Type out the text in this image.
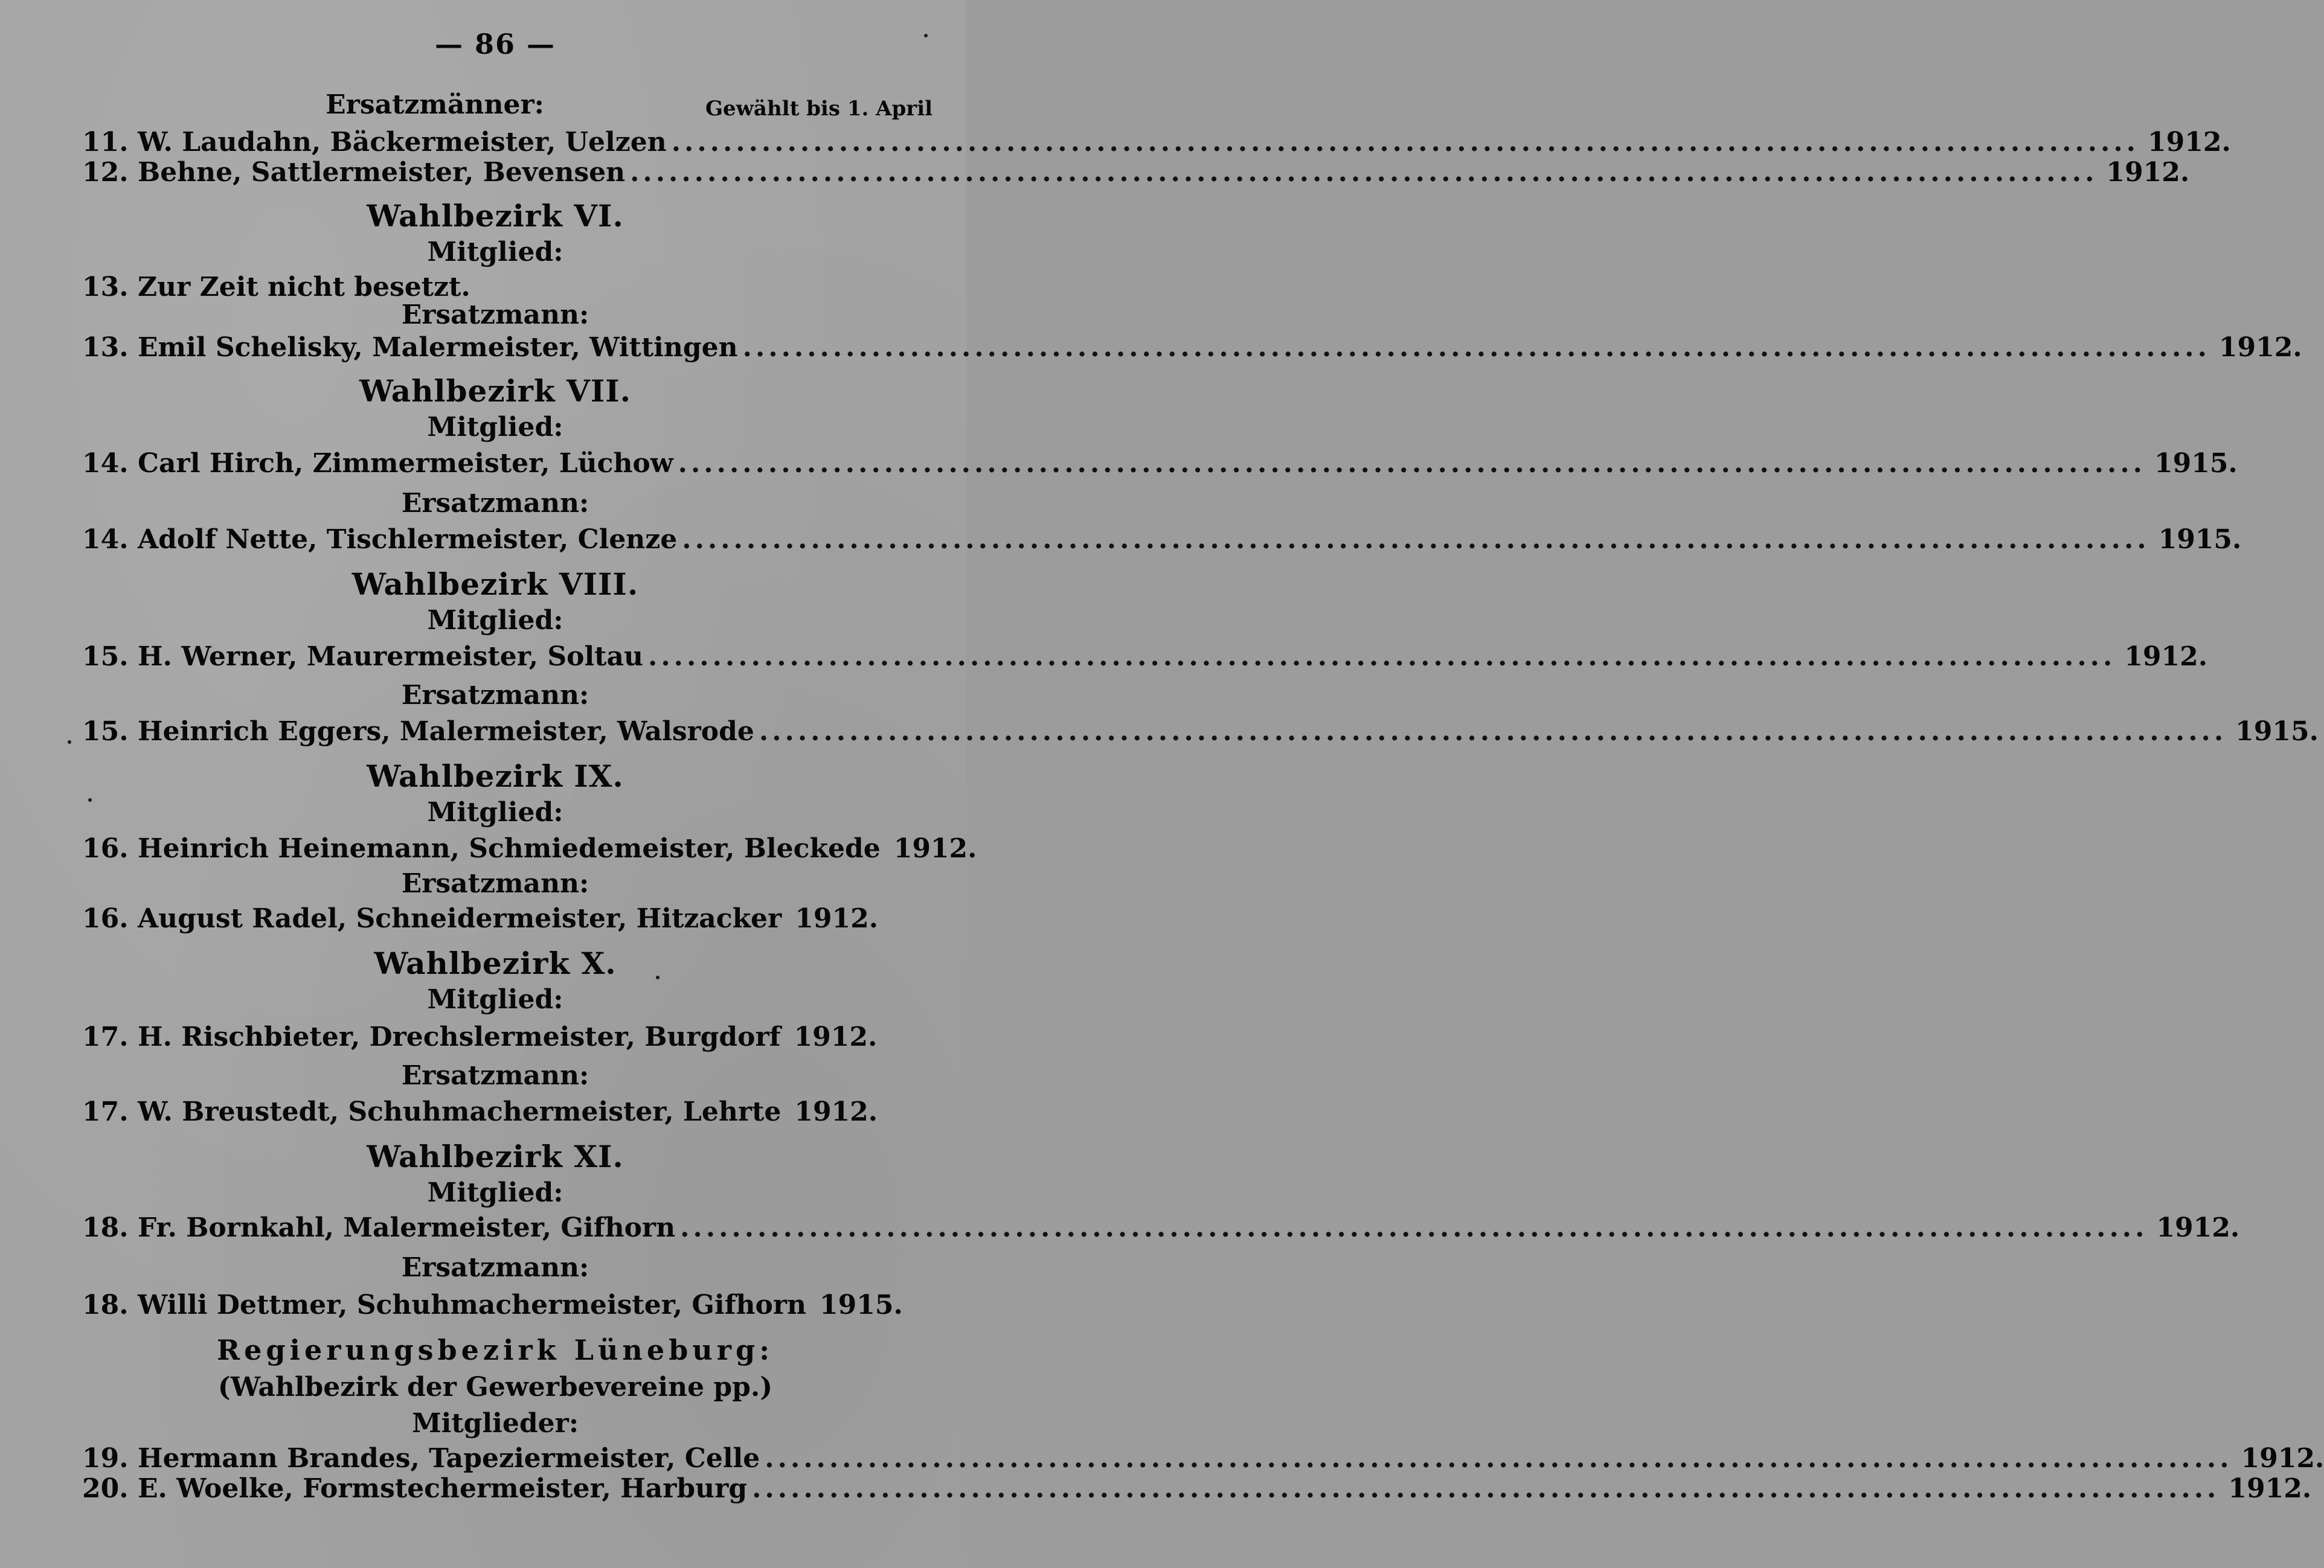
— 86 —
Ersatzmänner:	Gewählt bis 1. April
11. W. Laudahn, Bäckermeister, Uelzen .....	1912.
12. Behne, Sattlermeister, Bevensen .....	1912.
Wahlbezirk VI.
Mitglied:
13. Zur Zeit nicht besetzt.
Ersatzmann:
13. Emil Schelisky, Malermeister, Wittingen .....	1912.
Wahlbezirk VII.
Mitglied:
14. Carl Hirch, Zimmermeister, Lüchow .....	1915.
Ersatzmann:
14. Adolf Nette, Tischlermeister, Clenze .....	1915.
Wahlbezirk VIII.
Mitglied:
15. H. Werner, Maurermeister, Soltau .....	1912.
Ersatzmann:
15. Heinrich Eggers, Malermeister, Walsrode .....	1915.
Wahlbezirk IX.
Mitglied:
16. Heinrich Heinemann, Schmiedemeister, Bleckede 1912.
Ersatzmann:
16. August Radel, Schneidermeister, Hitzacker 1912.
Wahlbezirk X.
Mitglied:
17. H. Rischbieter, Drechslermeister, Burgdorf 1912.
Ersatzmann:
17. W. Breustedt, Schuhmachermeister, Lehrte 1912.
Wahlbezirk XI.
Mitglied:
18. Fr. Bornkahl, Malermeister, Gifhorn .....	1912.
Ersatzmann:
18. Willi Dettmer, Schuhmachermeister, Gifhorn 1915.
Regierungsbezirk Lüneburg:
(Wahlbezirk der Gewerbevereine pp.)
Mitglieder:
19. Hermann Brandes, Tapeziermeister, Celle .....	1912.
20. E. Woelke, Formstechermeister, Harburg .....	1912.
